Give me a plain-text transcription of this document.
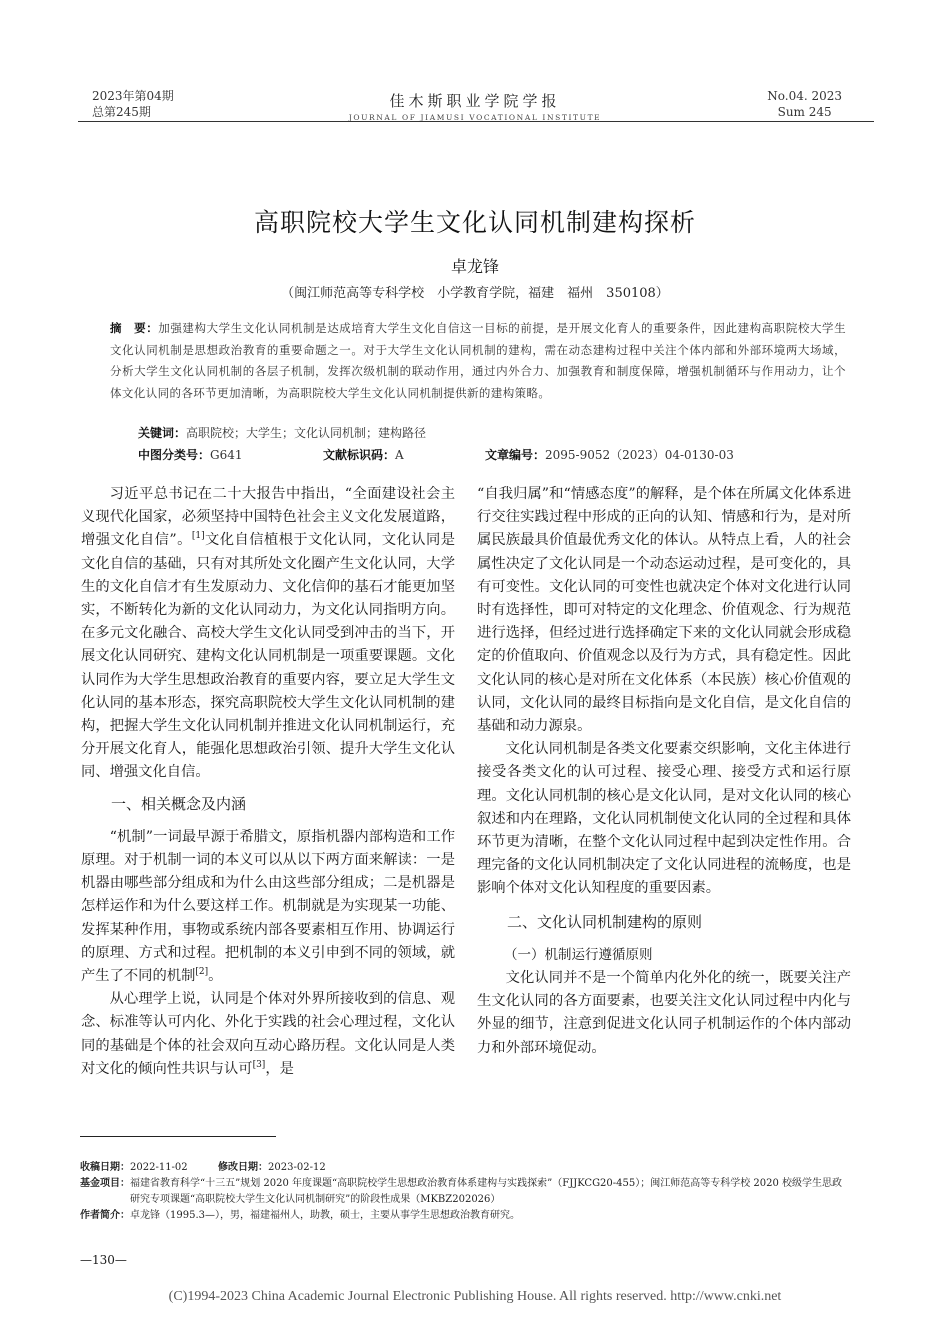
2023年第04期
总第245期
佳木斯职业学院学报
JOURNAL OF JIAMUSI VOCATIONAL INSTITUTE
No.04. 2023
Sum 245
高职院校大学生文化认同机制建构探析
卓龙锋
（闽江师范高等专科学校　小学教育学院，福建　福州　350108）
摘　要：加强建构大学生文化认同机制是达成培育大学生文化自信这一目标的前提，是开展文化育人的重要条件，因此建构高职院校大学生文化认同机制是思想政治教育的重要命题之一。对于大学生文化认同机制的建构，需在动态建构过程中关注个体内部和外部环境两大场域，分析大学生文化认同机制的各层子机制，发挥次级机制的联动作用，通过内外合力、加强教育和制度保障，增强机制循环与作用动力，让个体文化认同的各环节更加清晰，为高职院校大学生文化认同机制提供新的建构策略。
关键词：高职院校；大学生；文化认同机制；建构路径
中图分类号：G641	文献标识码：A	文章编号：2095-9052（2023）04-0130-03

习近平总书记在二十大报告中指出，“全面建设社会主义现代化国家，必须坚持中国特色社会主义文化发展道路，增强文化自信”。[1]文化自信植根于文化认同，文化认同是文化自信的基础，只有对其所处文化圈产生文化认同，大学生的文化自信才有生发原动力、文化信仰的基石才能更加坚实，不断转化为新的文化认同动力，为文化认同指明方向。在多元文化融合、高校大学生文化认同受到冲击的当下，开展文化认同研究、建构文化认同机制是一项重要课题。文化认同作为大学生思想政治教育的重要内容，要立足大学生文化认同的基本形态，探究高职院校大学生文化认同机制的建构，把握大学生文化认同机制并推进文化认同机制运行，充分开展文化育人，能强化思想政治引领、提升大学生文化认同、增强文化自信。

一、相关概念及内涵

“机制”一词最早源于希腊文，原指机器内部构造和工作原理。对于机制一词的本义可以从以下两方面来解读：一是机器由哪些部分组成和为什么由这些部分组成；二是机器是怎样运作和为什么要这样工作。机制就是为实现某一功能、发挥某种作用，事物或系统内部各要素相互作用、协调运行的原理、方式和过程。把机制的本义引申到不同的领域，就产生了不同的机制[2]。

从心理学上说，认同是个体对外界所接收到的信息、观念、标准等认可内化、外化于实践的社会心理过程，文化认同的基础是个体的社会双向互动心路历程。文化认同是人类对文化的倾向性共识与认可[3]，是

“自我归属”和“情感态度”的解释，是个体在所属文化体系进行交往实践过程中形成的正向的认知、情感和行为，是对所属民族最具价值最优秀文化的体认。从特点上看，人的社会属性决定了文化认同是一个动态运动过程，是可变化的，具有可变性。文化认同的可变性也就决定个体对文化进行认同时有选择性，即可对特定的文化理念、价值观念、行为规范进行选择，但经过进行选择确定下来的文化认同就会形成稳定的价值取向、价值观念以及行为方式，具有稳定性。因此文化认同的核心是对所在文化体系（本民族）核心价值观的认同，文化认同的最终目标指向是文化自信，是文化自信的基础和动力源泉。

文化认同机制是各类文化要素交织影响，文化主体进行接受各类文化的认可过程、接受心理、接受方式和运行原理。文化认同机制的核心是文化认同，是对文化认同的核心叙述和内在理路，文化认同机制使文化认同的全过程和具体环节更为清晰，在整个文化认同过程中起到决定性作用。合理完备的文化认同机制决定了文化认同进程的流畅度，也是影响个体对文化认知程度的重要因素。

二、文化认同机制建构的原则

（一）机制运行遵循原则

文化认同并不是一个简单内化外化的统一，既要关注产生文化认同的各方面要素，也要关注文化认同过程中内化与外显的细节，注意到促进文化认同子机制运作的个体内部动力和外部环境促动。

收稿日期：2022-11-02	修改日期：2023-02-12
基金项目： 福建省教育科学“十三五”规划 2020 年度课题“高职院校学生思想政治教育体系建构与实践探索”（FJJKCG20-455）；闽江师范高等专科学校 2020 校级学生思政研究专项课题“高职院校大学生文化认同机制研究”的阶段性成果（MKBZ202026）
作者简介： 卓龙锋（1995.3—），男，福建福州人，助教，硕士，主要从事学生思想政治教育研究。
—130—
(C)1994-2023 China Academic Journal Electronic Publishing House. All rights reserved. http://www.cnki.net
